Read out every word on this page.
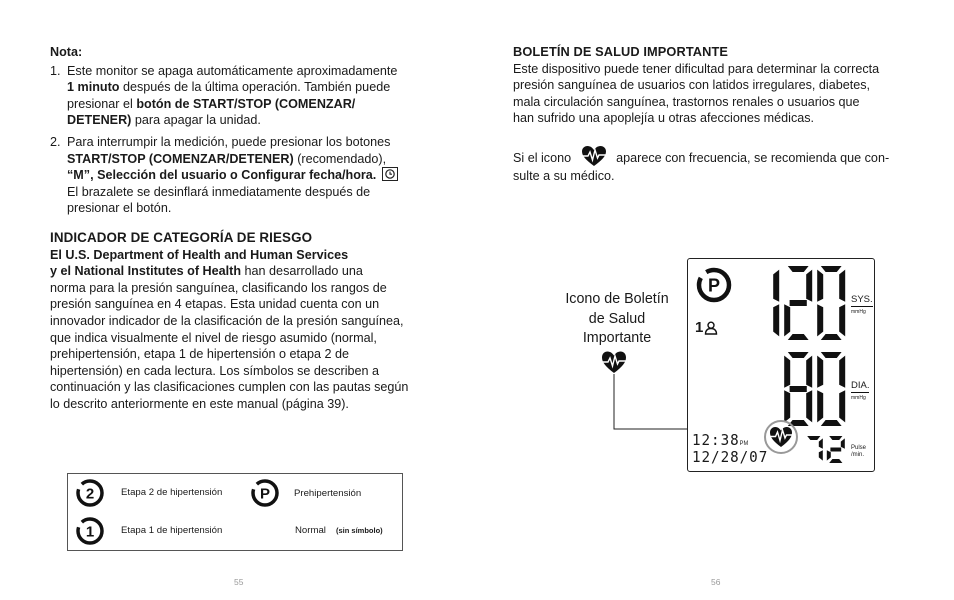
Nota:
1. Este monitor se apaga automáticamente aproximadamente
1 minuto después de la última operación. También puede
presionar el botón de START/STOP (COMENZAR/
DETENER) para apagar la unidad.
2. Para interrumpir la medición, puede presionar los botones
START/STOP (COMENZAR/DETENER) (recomendado),
“M”, Selección del usuario o Configurar fecha/hora.
El brazalete se desinflará inmediatamente después de
presionar el botón.
INDICADOR DE CATEGORÍA DE RIESGO
El U.S. Department of Health and Human Services
y el National Institutes of Health han desarrollado una
norma para la presión sanguínea, clasificando los rangos de
presión sanguínea en 4 etapas. Esta unidad cuenta con un
innovador indicador de la clasificación de la presión sanguínea,
que indica visualmente el nivel de riesgo asumido (normal,
prehipertensión, etapa 1 de hipertensión o etapa 2 de
hipertensión) en cada lectura. Los símbolos se describen a
continuación y las clasificaciones cumplen con las pautas según
lo descrito anteriormente en este manual (página 39).
2	Etapa 2 de hipertensión	P Prehipertensión
1	Etapa 1 de hipertensión	Normal (sin símbolo)
55
BOLETÍN DE SALUD IMPORTANTE
Este dispositivo puede tener dificultad para determinar la correcta
presión sanguínea de usuarios con latidos irregulares, diabetes,
mala circulación sanguínea, trastornos renales o usuarios que
han sufrido una apoplejía u otras afecciones médicas.
Si el icono	aparece con frecuencia, se recomienda que con-
sulte a su médico.
Icono de Boletín
de Salud
Importante
P
1
SYS.
mmHg
DIA.
mmHg
12:38PM
12/28/07	Pulse
/min.
56
